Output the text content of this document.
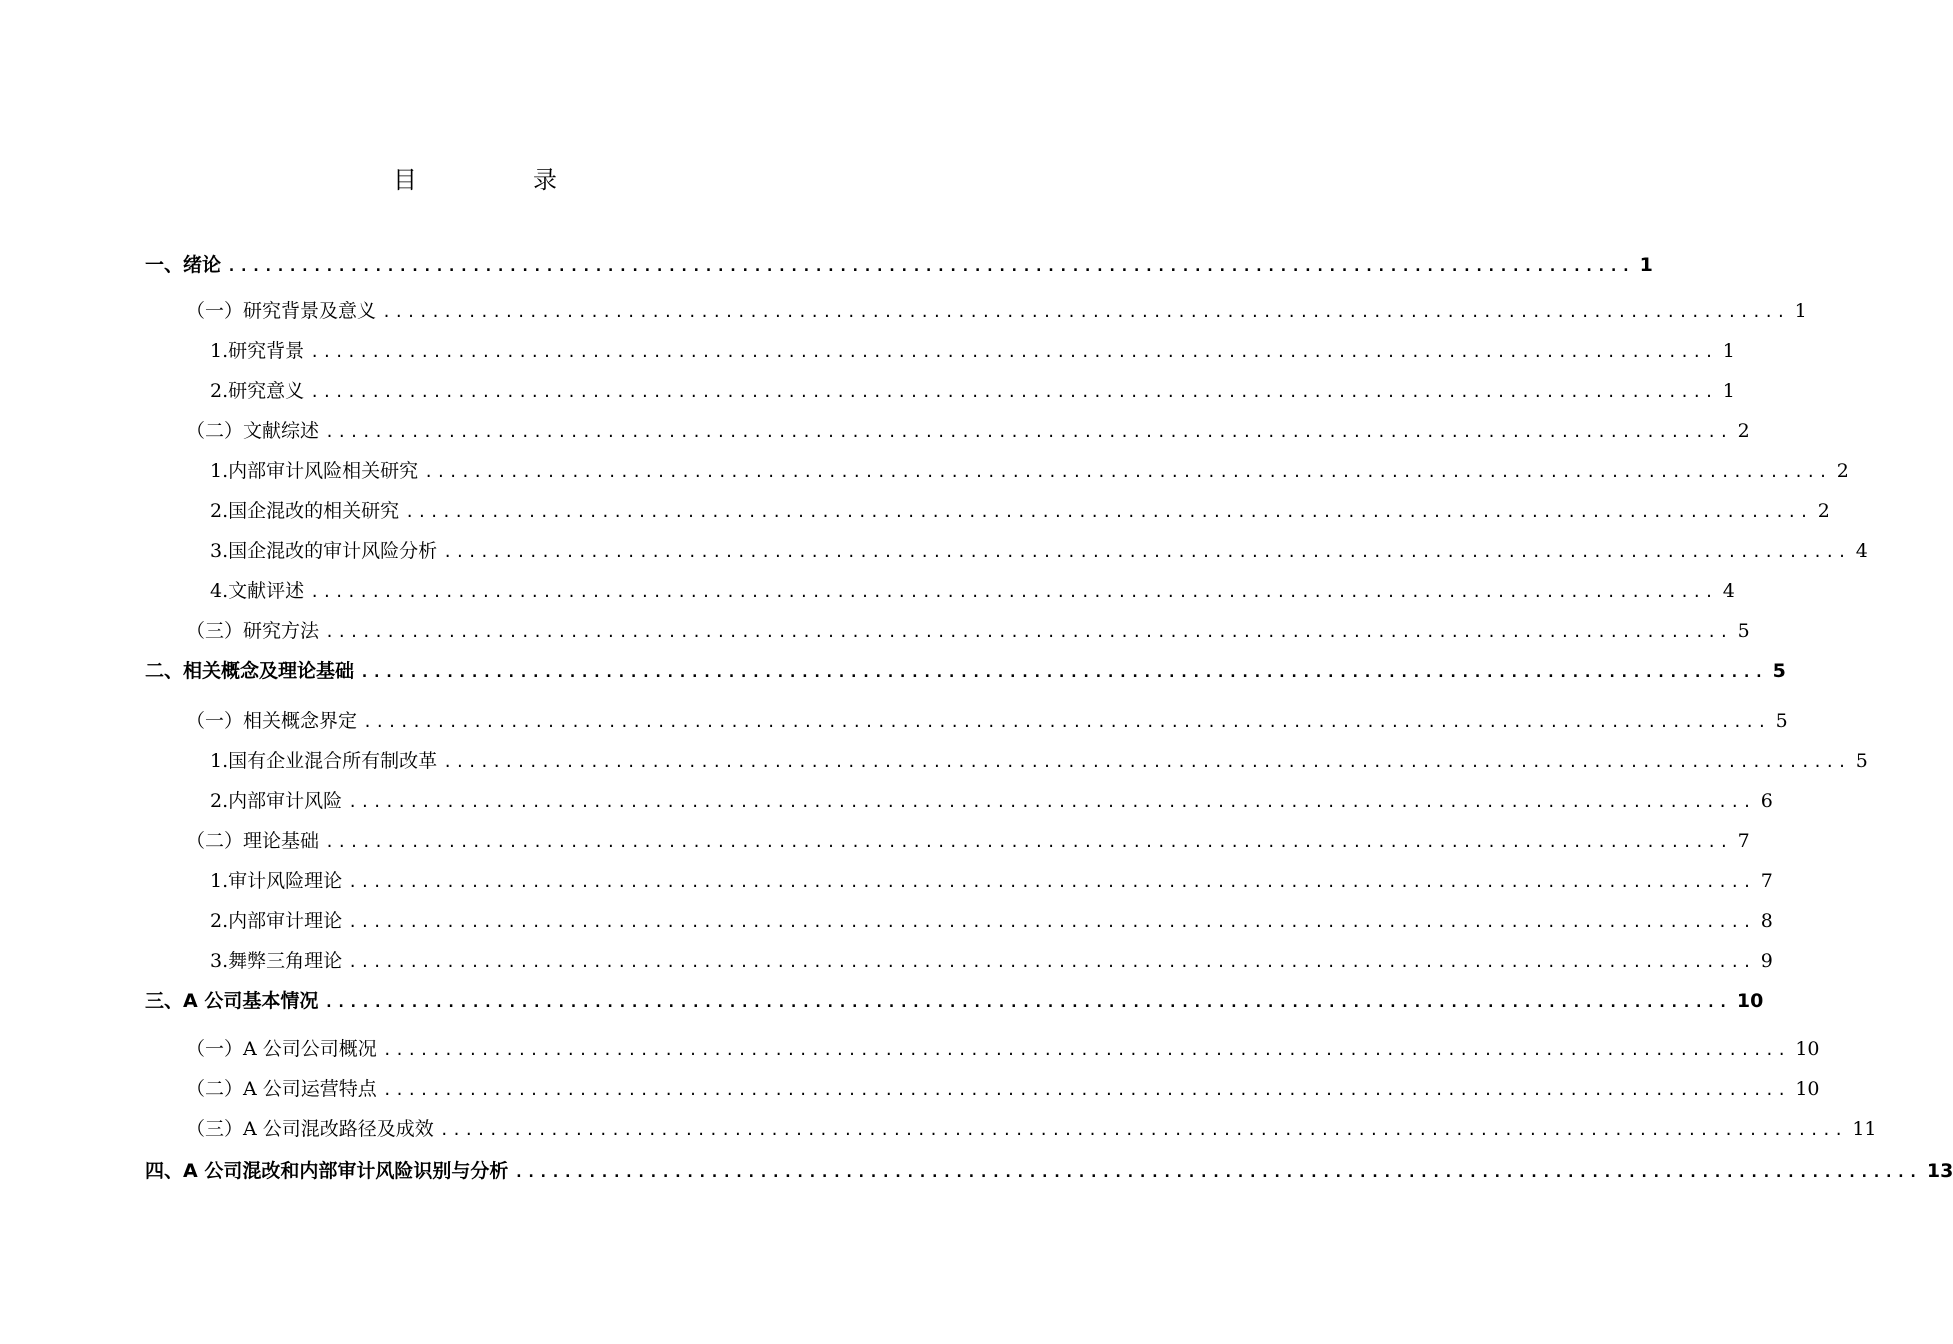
目　录
一、 绪论 ................................................................................................................... 1
（一） 研究背景及意义 ................................................................................................................... 1
1. 研究背景 ................................................................................................................... 1
2. 研究意义 ................................................................................................................... 1
（二） 文献综述 ................................................................................................................... 2
1. 内部审计风险相关研究 ................................................................................................................... 2
2. 国企混改的相关研究 ................................................................................................................... 2
3. 国企混改的审计风险分析 ................................................................................................................... 4
4. 文献评述 ................................................................................................................... 4
（三） 研究方法 ................................................................................................................... 5
二、 相关概念及理论基础 ................................................................................................................... 5
（一） 相关概念界定 ................................................................................................................... 5
1. 国有企业混合所有制改革 ................................................................................................................... 5
2. 内部审计风险 ................................................................................................................... 6
（二） 理论基础 ................................................................................................................... 7
1. 审计风险理论 ................................................................................................................... 7
2. 内部审计理论 ................................................................................................................... 8
3. 舞弊三角理论 ................................................................................................................... 9
三、 A 公司基本情况 ................................................................................................................... 10
（一） A 公司公司概况 ................................................................................................................... 10
（二） A 公司运营特点 ................................................................................................................... 10
（三） A 公司混改路径及成效 ................................................................................................................... 11
四、 A 公司混改和内部审计风险识别与分析 ................................................................................................................... 13
